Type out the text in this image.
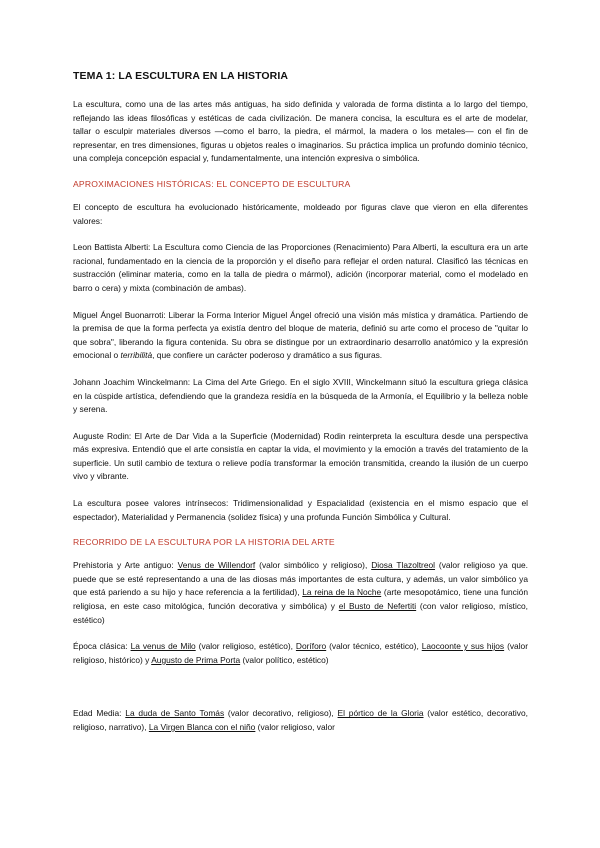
TEMA 1: LA ESCULTURA EN LA HISTORIA

La escultura, como una de las artes más antiguas, ha sido definida y valorada de forma distinta a lo largo del tiempo, reflejando las ideas filosóficas y estéticas de cada civilización. De manera concisa, la escultura es el arte de modelar, tallar o esculpir materiales diversos —como el barro, la piedra, el mármol, la madera o los metales— con el fin de representar, en tres dimensiones, figuras u objetos reales o imaginarios. Su práctica implica un profundo dominio técnico, una compleja concepción espacial y, fundamentalmente, una intención expresiva o simbólica.

APROXIMACIONES HISTÓRICAS: EL CONCEPTO DE ESCULTURA

El concepto de escultura ha evolucionado históricamente, moldeado por figuras clave que vieron en ella diferentes valores:

Leon Battista Alberti: La Escultura como Ciencia de las Proporciones (Renacimiento) Para Alberti, la escultura era un arte racional, fundamentado en la ciencia de la proporción y el diseño para reflejar el orden natural. Clasificó las técnicas en sustracción (eliminar materia, como en la talla de piedra o mármol), adición (incorporar material, como el modelado en barro o cera) y mixta (combinación de ambas).

Miguel Ángel Buonarroti: Liberar la Forma Interior Miguel Ángel ofreció una visión más mística y dramática. Partiendo de la premisa de que la forma perfecta ya existía dentro del bloque de materia, definió su arte como el proceso de "quitar lo que sobra", liberando la figura contenida. Su obra se distingue por un extraordinario desarrollo anatómico y la expresión emocional o terribilità, que confiere un carácter poderoso y dramático a sus figuras.

Johann Joachim Winckelmann: La Cima del Arte Griego. En el siglo XVIII, Winckelmann situó la escultura griega clásica en la cúspide artística, defendiendo que la grandeza residía en la búsqueda de la Armonía, el Equilibrio y la belleza noble y serena.

Auguste Rodin: El Arte de Dar Vida a la Superficie (Modernidad) Rodin reinterpreta la escultura desde una perspectiva más expresiva. Entendió que el arte consistía en captar la vida, el movimiento y la emoción a través del tratamiento de la superficie. Un sutil cambio de textura o relieve podía transformar la emoción transmitida, creando la ilusión de un cuerpo vivo y vibrante.

La escultura posee valores intrínsecos: Tridimensionalidad y Espacialidad (existencia en el mismo espacio que el espectador), Materialidad y Permanencia (solidez física) y una profunda Función Simbólica y Cultural.

RECORRIDO DE LA ESCULTURA POR LA HISTORIA DEL ARTE

Prehistoria y Arte antiguo: Venus de Willendorf (valor simbólico y religioso), Diosa Tlazoltreol (valor religioso ya que. puede que se esté representando a una de las diosas más importantes de esta cultura, y además, un valor simbólico ya que está pariendo a su hijo y hace referencia a la fertilidad), La reina de la Noche (arte mesopotámico, tiene una función religiosa, en este caso mitológica, función decorativa y simbólica) y el Busto de Nefertiti (con valor religioso, místico, estético)

Época clásica: La venus de Milo (valor religioso, estético), Doríforo (valor técnico, estético), Laocoonte y sus hijos (valor religioso, histórico) y Augusto de Prima Porta (valor político, estético)

Edad Media: La duda de Santo Tomás (valor decorativo, religioso), El pórtico de la Gloria (valor estético, decorativo, religioso, narrativo), La Virgen Blanca con el niño (valor religioso, valor
